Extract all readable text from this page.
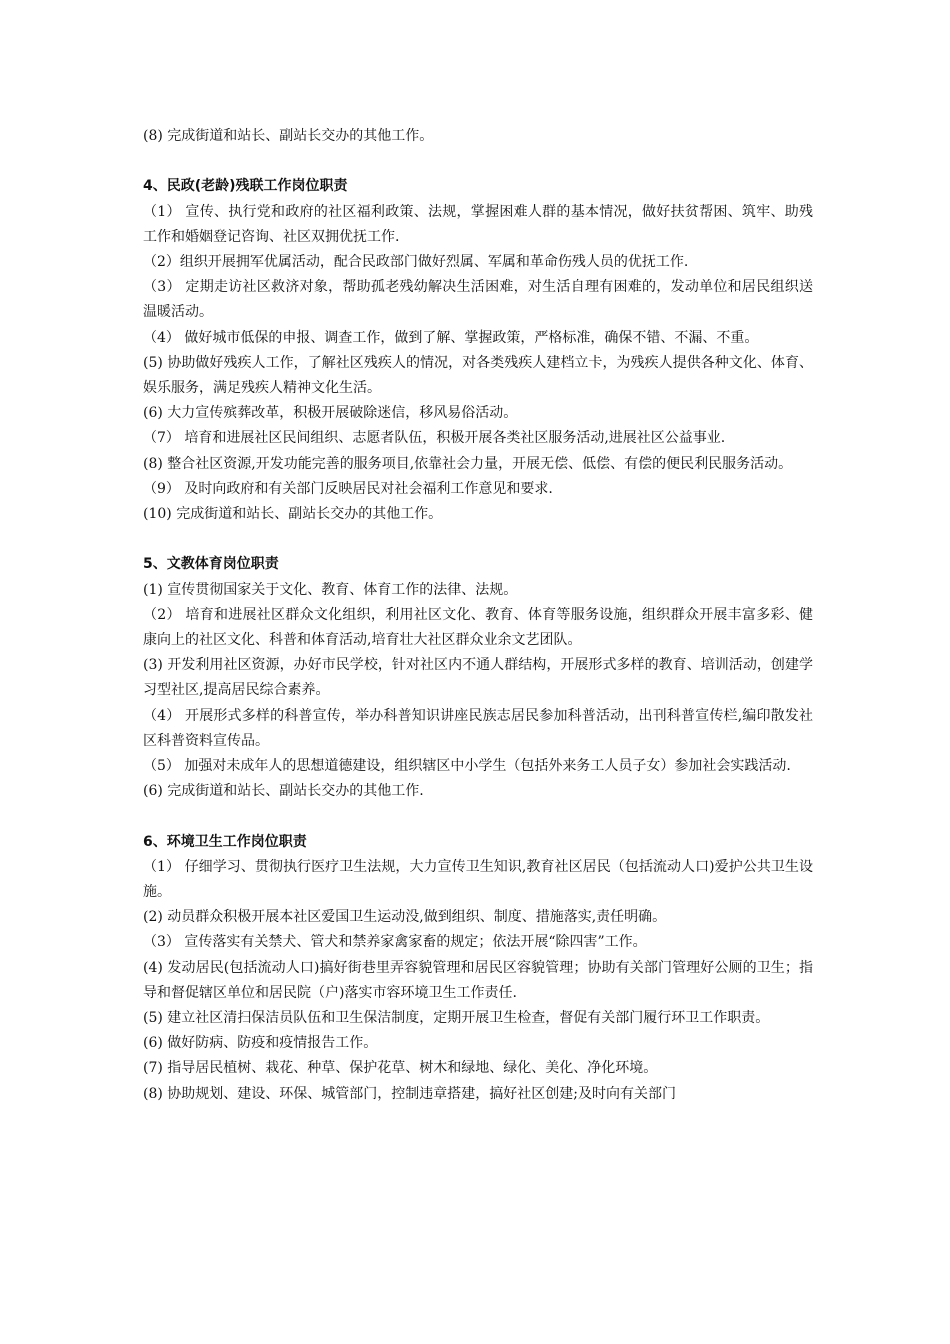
(8) 完成街道和站长、副站长交办的其他工作。

4、民政(老龄)残联工作岗位职责

（1） 宣传、执行党和政府的社区福利政策、法规，掌握困难人群的基本情况，做好扶贫帮困、筑牢、助残工作和婚姻登记咨询、社区双拥优抚工作.

（2）组织开展拥军优属活动，配合民政部门做好烈属、军属和革命伤残人员的优抚工作.

（3） 定期走访社区救济对象，帮助孤老残幼解决生活困难，对生活自理有困难的，发动单位和居民组织送温暖活动。

（4） 做好城市低保的申报、调查工作，做到了解、掌握政策，严格标准，确保不错、不漏、不重。

(5) 协助做好残疾人工作，了解社区残疾人的情况，对各类残疾人建档立卡，为残疾人提供各种文化、体育、娱乐服务，满足残疾人精神文化生活。

(6) 大力宣传殡葬改革，积极开展破除迷信，移风易俗活动。

（7） 培育和进展社区民间组织、志愿者队伍，积极开展各类社区服务活动,进展社区公益事业.

(8) 整合社区资源,开发功能完善的服务项目,依靠社会力量，开展无偿、低偿、有偿的便民利民服务活动。

（9） 及时向政府和有关部门反映居民对社会福利工作意见和要求.

(10) 完成街道和站长、副站长交办的其他工作。

5、文教体育岗位职责

(1) 宣传贯彻国家关于文化、教育、体育工作的法律、法规。

（2） 培育和进展社区群众文化组织，利用社区文化、教育、体育等服务设施，组织群众开展丰富多彩、健康向上的社区文化、科普和体育活动,培育壮大社区群众业余文艺团队。

(3) 开发利用社区资源，办好市民学校，针对社区内不通人群结构，开展形式多样的教育、培训活动，创建学习型社区,提高居民综合素养。

（4） 开展形式多样的科普宣传，举办科普知识讲座民族志居民参加科普活动，出刊科普宣传栏,编印散发社区科普资料宣传品。

（5） 加强对未成年人的思想道德建设，组织辖区中小学生（包括外来务工人员子女）参加社会实践活动.

(6) 完成街道和站长、副站长交办的其他工作.

6、环境卫生工作岗位职责

（1） 仔细学习、贯彻执行医疗卫生法规，大力宣传卫生知识,教育社区居民（包括流动人口)爱护公共卫生设施。

(2) 动员群众积极开展本社区爱国卫生运动没,做到组织、制度、措施落实,责任明确。

（3） 宣传落实有关禁犬、管犬和禁养家禽家畜的规定；依法开展“除四害”工作。

(4) 发动居民(包括流动人口)搞好街巷里弄容貌管理和居民区容貌管理；协助有关部门管理好公厕的卫生；指导和督促辖区单位和居民院（户)落实市容环境卫生工作责任.

(5) 建立社区清扫保洁员队伍和卫生保洁制度，定期开展卫生检查，督促有关部门履行环卫工作职责。

(6) 做好防病、防疫和疫情报告工作。

(7) 指导居民植树、栽花、种草、保护花草、树木和绿地、绿化、美化、净化环境。

(8) 协助规划、建设、环保、城管部门，控制违章搭建，搞好社区创建;及时向有关部门
